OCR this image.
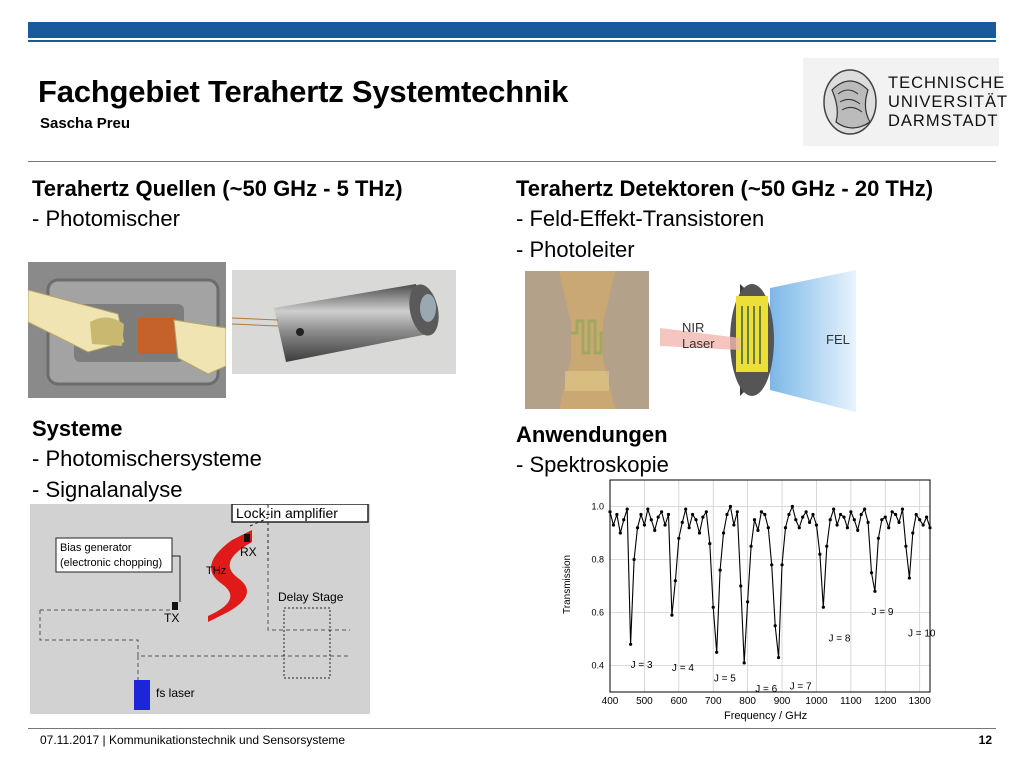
Fachgebiet Terahertz Systemtechnik
Sascha Preu
TECHNISCHE
UNIVERSITÄT
DARMSTADT
Terahertz Quellen (~50 GHz - 5 THz)
- Photomischer
Terahertz Detektoren (~50 GHz - 20 THz)
- Feld-Effekt-Transistoren
- Photoleiter
NIR
Laser	FEL
Systeme
- Photomischersysteme
- Signalanalyse
Lock-in amplifier
Bias generator
(electronic chopping)
THz
RX
TX
Delay Stage
fs laser
Anwendungen
- Spektroskopie
400 500 600 700 800 900 1000 1100 1200 1300
0.4
0.6
0.8
1.0
J = 3 J = 4
J = 5
J = 6 J = 7
J = 8
J = 9
J = 10
Frequency / GHz
Transmission
07.11.2017 | Kommunikationstechnik und Sensorsysteme	12
